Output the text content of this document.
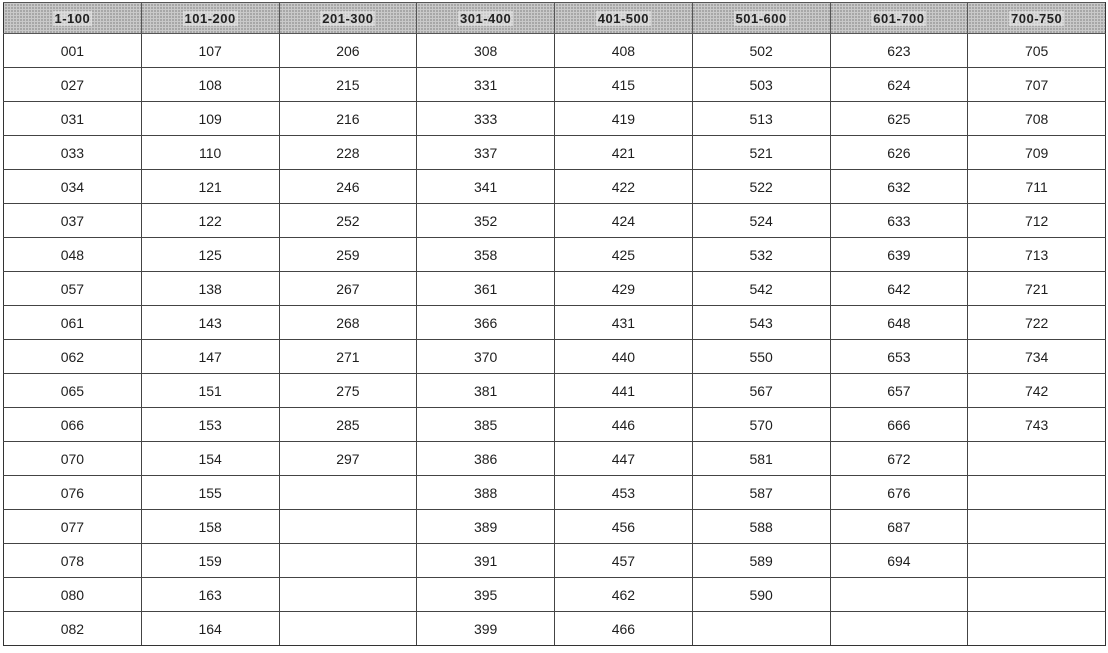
1-100	101-200	201-300	301-400	401-500	501-600	601-700	700-750
001	107	206	308	408	502	623	705
027	108	215	331	415	503	624	707
031	109	216	333	419	513	625	708
033	110	228	337	421	521	626	709
034	121	246	341	422	522	632	711
037	122	252	352	424	524	633	712
048	125	259	358	425	532	639	713
057	138	267	361	429	542	642	721
061	143	268	366	431	543	648	722
062	147	271	370	440	550	653	734
065	151	275	381	441	567	657	742
066	153	285	385	446	570	666	743
070	154	297	386	447	581	672	
076	155		388	453	587	676	
077	158		389	456	588	687	
078	159		391	457	589	694	
080	163		395	462	590		
082	164		399	466			
